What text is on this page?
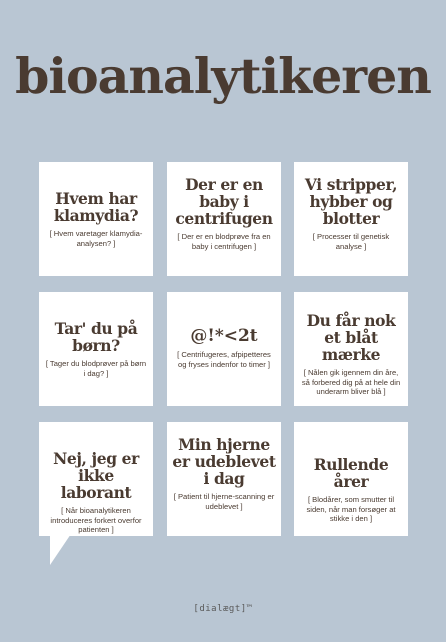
bioanalytikeren
Hvem har klamydia?
[ Hvem varetager klamydia-analysen? ]
Der er en baby i centrifugen
[ Der er en blodprøve fra en baby i centrifugen ]
Vi stripper, hybber og blotter
[ Processer til genetisk analyse ]
Tar' du på børn?
[ Tager du blodprøver på børn i dag? ]
@!*<2t
[ Centrifugeres, afpipetteres og fryses indenfor to timer ]
Du får nok et blåt mærke
[ Nålen gik igennem din åre, så forbered dig på at hele din underarm bliver blå ]
Nej, jeg er ikke laborant
[ Når bioanalytikeren introduceres forkert overfor patienten ]
Min hjerne er udeblevet i dag
[ Patient til hjerne-scanning er udeblevet ]
Rullende årer
[ Blodårer, som smutter til siden, når man forsøger at stikke i den ]
[dialægt]™
